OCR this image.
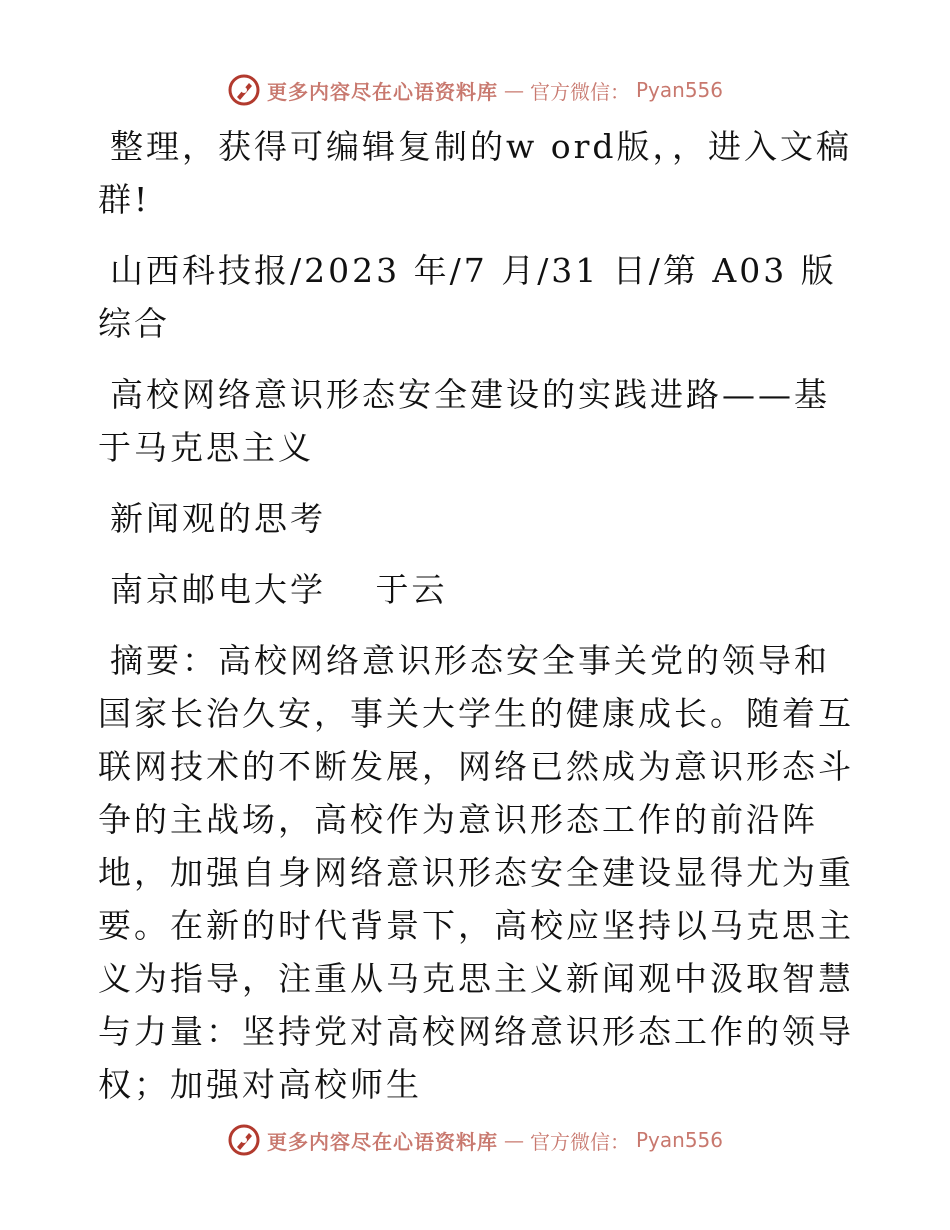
更多内容尽在心语资料库 — 官方微信： Pyan556

整理，获得可编辑复制的w ord版，，进入文稿群!

山西科技报/2023 年/7 月/31 日/第 A03 版综合

高校网络意识形态安全建设的实践进路——基于马克思主义

新闻观的思考

南京邮电大学　 于云

摘要：高校网络意识形态安全事关党的领导和国家长治久安，事关大学生的健康成长。随着互联网技术的不断发展，网络已然成为意识形态斗争的主战场，高校作为意识形态工作的前沿阵地，加强自身网络意识形态安全建设显得尤为重要。在新的时代背景下，高校应坚持以马克思主义为指导，注重从马克思主义新闻观中汲取智慧与力量：坚持党对高校网络意识形态工作的领导权；加强对高校师生

更多内容尽在心语资料库 — 官方微信： Pyan556
